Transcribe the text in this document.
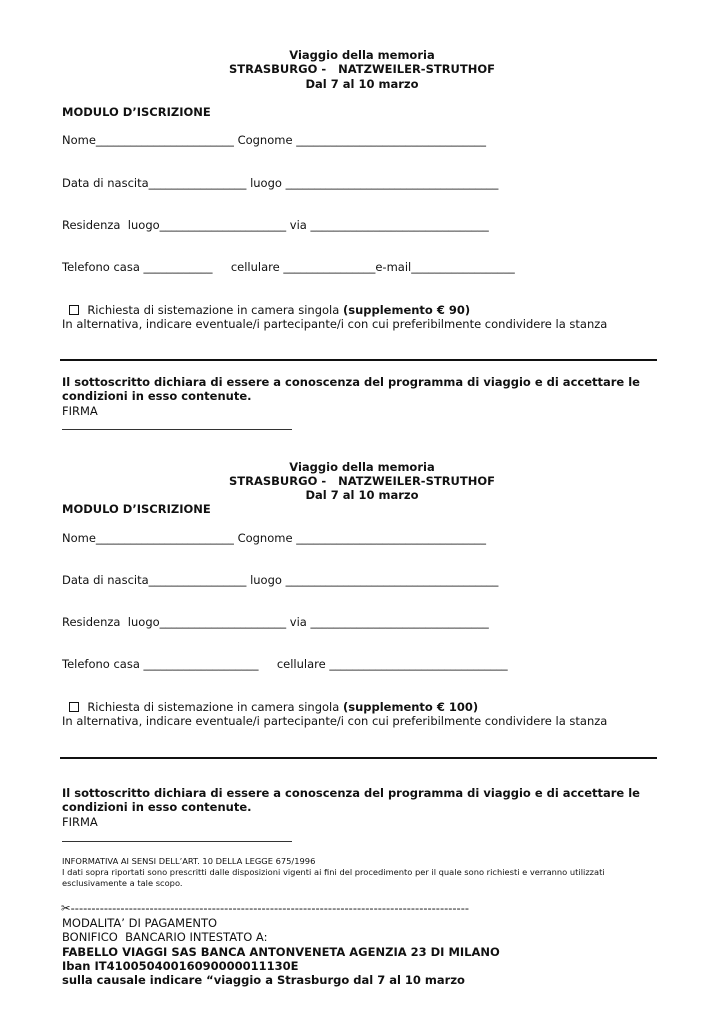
Viaggio della memoria
STRASBURGO -   NATZWEILER-STRUTHOF
Dal 7 al 10 marzo
MODULO D’ISCRIZIONE
Nome________________________ Cognome _________________________________
Data di nascita_________________ luogo _____________________________________
Residenza  luogo______________________ via _______________________________
Telefono casa ____________     cellulare ________________e-mail__________________

Richiesta di sistemazione in camera singola (supplemento € 90)

In alternativa, indicare eventuale/i partecipante/i con cui preferibilmente condividere la stanza
Il sottoscritto dichiara di essere a conoscenza del programma di viaggio e di accettare le condizioni in esso contenute.
FIRMA
Viaggio della memoria
STRASBURGO -   NATZWEILER-STRUTHOF
Dal 7 al 10 marzo
MODULO D’ISCRIZIONE
Nome________________________ Cognome _________________________________
Data di nascita_________________ luogo _____________________________________
Residenza  luogo______________________ via _______________________________
Telefono casa ____________________     cellulare _______________________________

Richiesta di sistemazione in camera singola (supplemento € 100)

In alternativa, indicare eventuale/i partecipante/i con cui preferibilmente condividere la stanza
Il sottoscritto dichiara di essere a conoscenza del programma di viaggio e di accettare le condizioni in esso contenute.
FIRMA
INFORMATIVA AI SENSI DELL’ART. 10 DELLA LEGGE 675/1996
I dati sopra riportati sono prescritti dalle disposizioni vigenti ai fini del procedimento per il quale sono richiesti e verranno utilizzati esclusivamente a tale scopo.
✂------------------------------------------------------------------------------------------------
MODALITA’ DI PAGAMENTO
BONIFICO  BANCARIO INTESTATO A:
FABELLO VIAGGI SAS BANCA ANTONVENETA AGENZIA 23 DI MILANO
Iban IT41005040016090000011130E
sulla causale indicare “viaggio a Strasburgo dal 7 al 10 marzo
